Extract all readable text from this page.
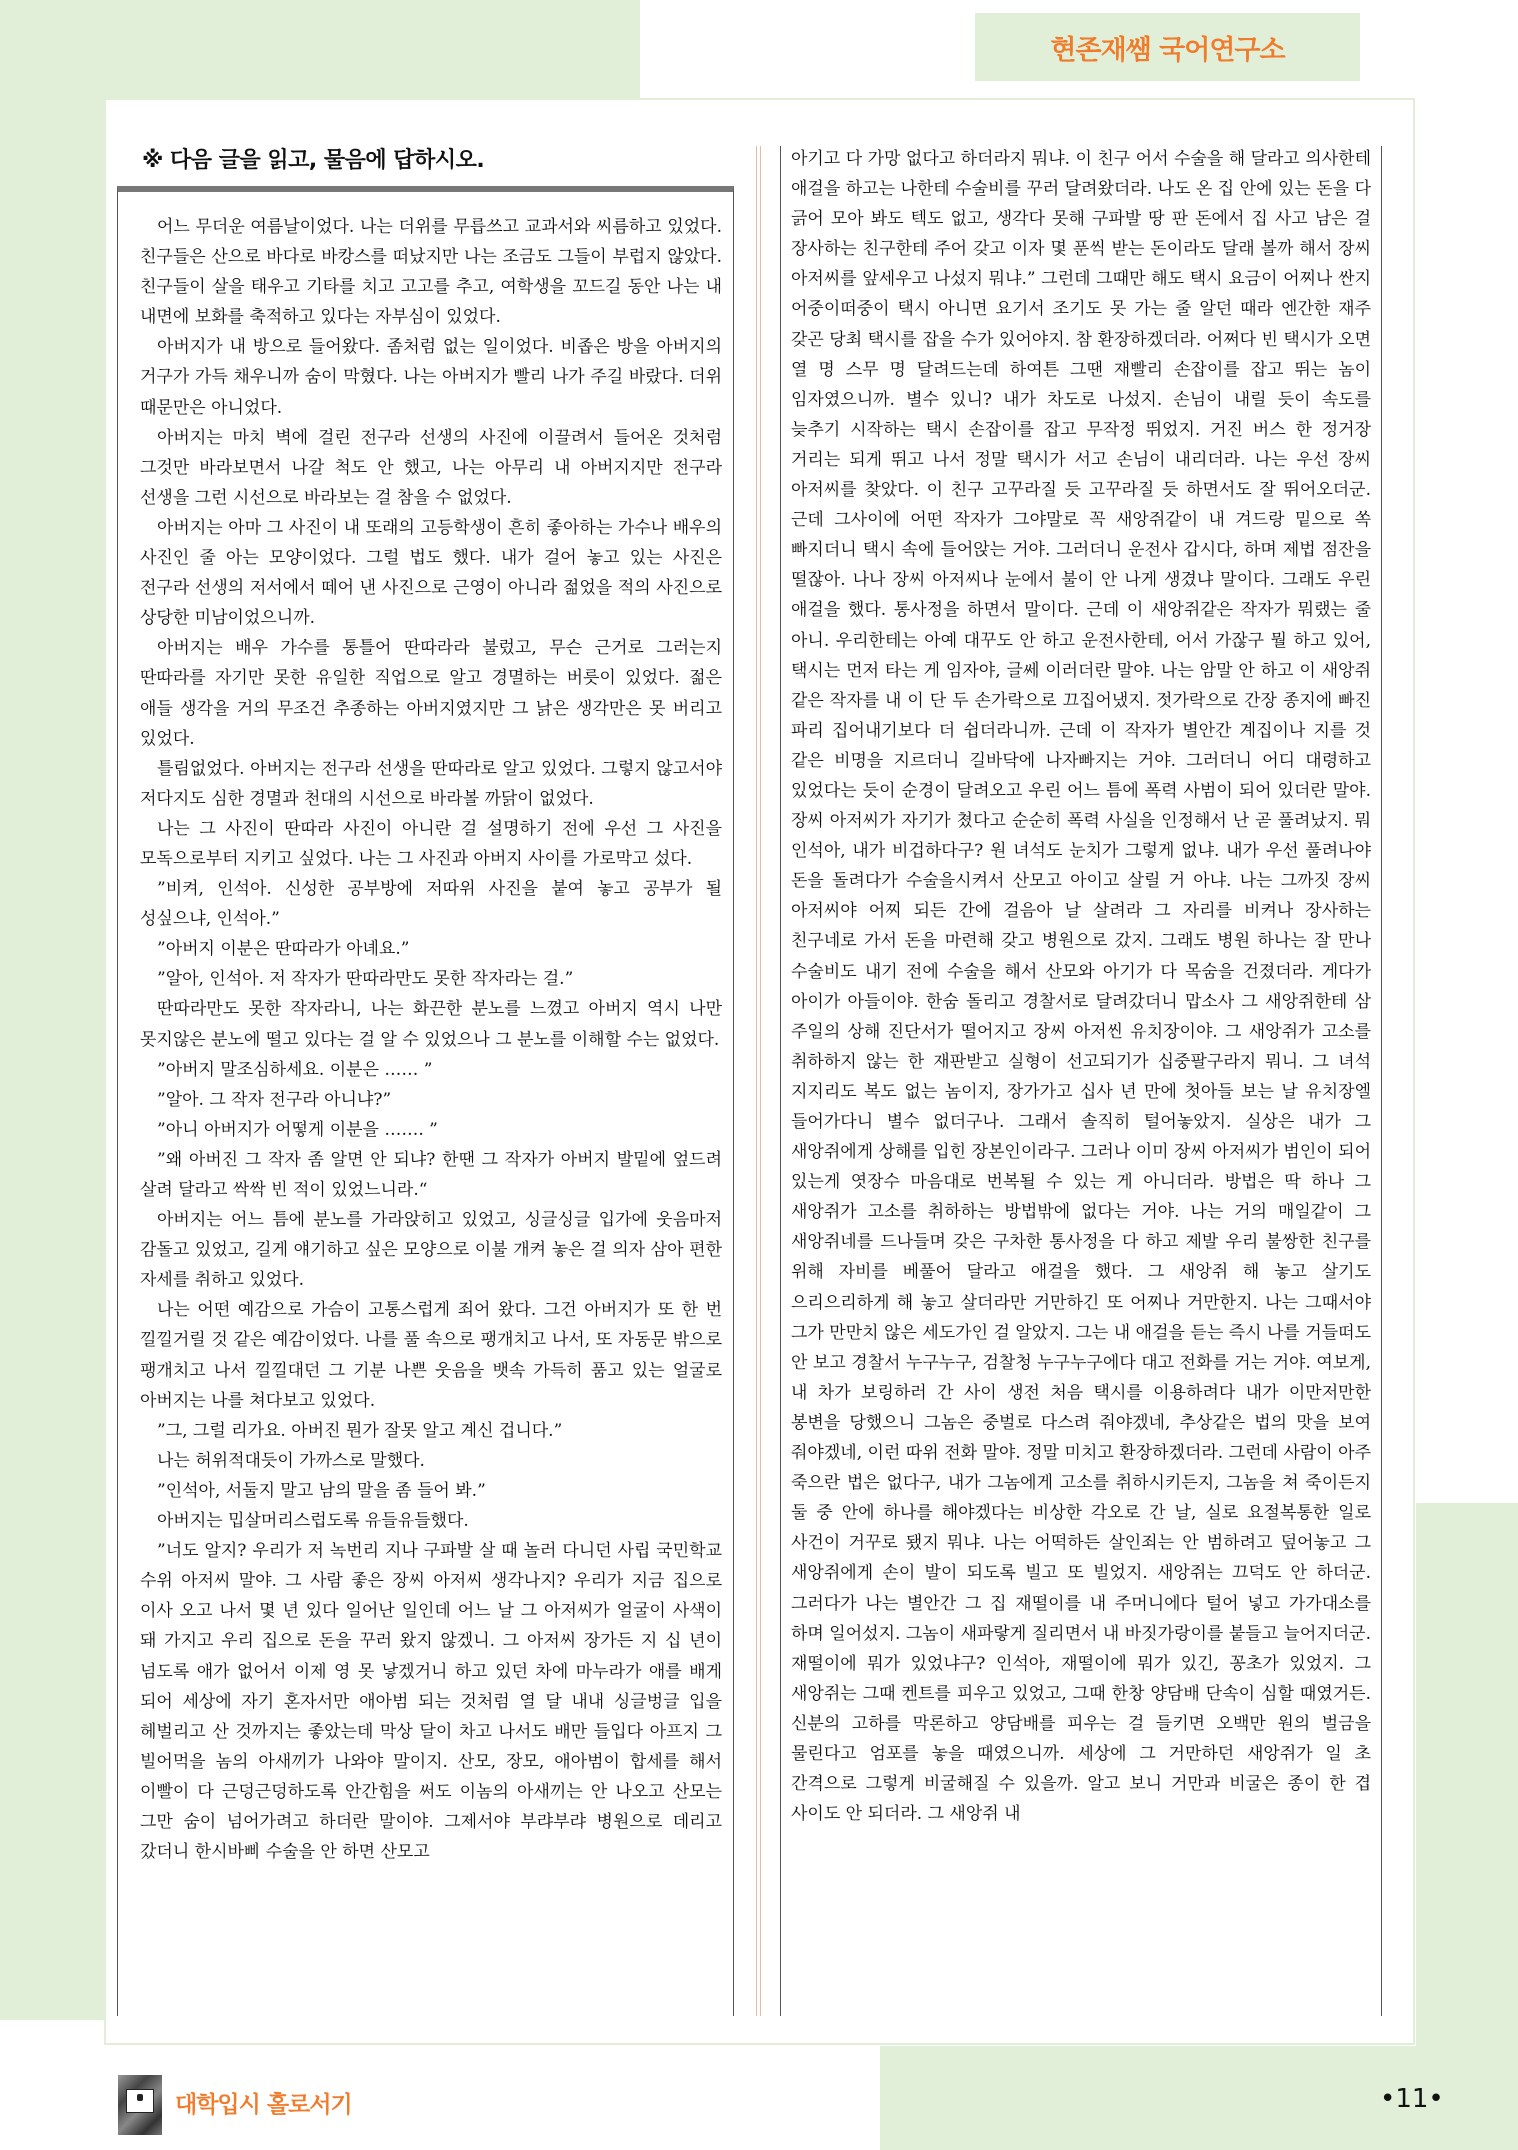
현존재쌤 국어연구소
※ 다음 글을 읽고, 물음에 답하시오.

어느 무더운 여름날이었다. 나는 더위를 무릅쓰고 교과서와 씨름하고 있었다. 친구들은 산으로 바다로 바캉스를 떠났지만 나는 조금도 그들이 부럽지 않았다. 친구들이 살을 태우고 기타를 치고 고고를 추고, 여학생을 꼬드길 동안 나는 내 내면에 보화를 축적하고 있다는 자부심이 있었다.

아버지가 내 방으로 들어왔다. 좀처럼 없는 일이었다. 비좁은 방을 아버지의 거구가 가득 채우니까 숨이 막혔다. 나는 아버지가 빨리 나가 주길 바랐다. 더위 때문만은 아니었다.

아버지는 마치 벽에 걸린 전구라 선생의 사진에 이끌려서 들어온 것처럼 그것만 바라보면서 나갈 척도 안 했고, 나는 아무리 내 아버지지만 전구라 선생을 그런 시선으로 바라보는 걸 참을 수 없었다.

아버지는 아마 그 사진이 내 또래의 고등학생이 흔히 좋아하는 가수나 배우의 사진인 줄 아는 모양이었다. 그럴 법도 했다. 내가 걸어 놓고 있는 사진은 전구라 선생의 저서에서 떼어 낸 사진으로 근영이 아니라 젊었을 적의 사진으로 상당한 미남이었으니까.

아버지는 배우 가수를 통틀어 딴따라라 불렀고, 무슨 근거로 그러는지 딴따라를 자기만 못한 유일한 직업으로 알고 경멸하는 버릇이 있었다. 젊은 애들 생각을 거의 무조건 추종하는 아버지였지만 그 낡은 생각만은 못 버리고 있었다.

틀림없었다. 아버지는 전구라 선생을 딴따라로 알고 있었다. 그렇지 않고서야 저다지도 심한 경멸과 천대의 시선으로 바라볼 까닭이 없었다.

나는 그 사진이 딴따라 사진이 아니란 걸 설명하기 전에 우선 그 사진을 모독으로부터 지키고 싶었다. 나는 그 사진과 아버지 사이를 가로막고 섰다.

”비켜, 인석아. 신성한 공부방에 저따위 사진을 붙여 놓고 공부가 될 성싶으냐, 인석아.”

”아버지 이분은 딴따라가 아녜요.”

”알아, 인석아. 저 작자가 딴따라만도 못한 작자라는 걸.”

딴따라만도 못한 작자라니, 나는 화끈한 분노를 느꼈고 아버지 역시 나만 못지않은 분노에 떨고 있다는 걸 알 수 있었으나 그 분노를 이해할 수는 없었다.

”아버지 말조심하세요. 이분은 …… ”

”알아. 그 작자 전구라 아니냐?”

”아니 아버지가 어떻게 이분을 ……. ”

”왜 아버진 그 작자 좀 알면 안 되냐? 한땐 그 작자가 아버지 발밑에 엎드려 살려 달라고 싹싹 빈 적이 있었느니라.“

아버지는 어느 틈에 분노를 가라앉히고 있었고, 싱글싱글 입가에 웃음마저 감돌고 있었고, 길게 얘기하고 싶은 모양으로 이불 개켜 놓은 걸 의자 삼아 편한 자세를 취하고 있었다.

나는 어떤 예감으로 가슴이 고통스럽게 죄어 왔다. 그건 아버지가 또 한 번 낄낄거릴 것 같은 예감이었다. 나를 풀 속으로 팽개치고 나서, 또 자동문 밖으로 팽개치고 나서 낄낄대던 그 기분 나쁜 웃음을 뱃속 가득히 품고 있는 얼굴로 아버지는 나를 쳐다보고 있었다.

”그, 그럴 리가요. 아버진 뭔가 잘못 알고 계신 겁니다.”

나는 허위적대듯이 가까스로 말했다.

”인석아, 서둘지 말고 남의 말을 좀 들어 봐.”

아버지는 밉살머리스럽도록 유들유들했다.

”너도 알지? 우리가 저 녹번리 지나 구파발 살 때 놀러 다니던 사립 국민학교 수위 아저씨 말야. 그 사람 좋은 장씨 아저씨 생각나지? 우리가 지금 집으로 이사 오고 나서 몇 년 있다 일어난 일인데 어느 날 그 아저씨가 얼굴이 사색이 돼 가지고 우리 집으로 돈을 꾸러 왔지 않겠니. 그 아저씨 장가든 지 십 년이 넘도록 애가 없어서 이제 영 못 낳겠거니 하고 있던 차에 마누라가 애를 배게 되어 세상에 자기 혼자서만 애아범 되는 것처럼 열 달 내내 싱글벙글 입을 헤벌리고 산 것까지는 좋았는데 막상 달이 차고 나서도 배만 들입다 아프지 그 빌어먹을 놈의 아새끼가 나와야 말이지. 산모, 장모, 애아범이 합세를 해서 이빨이 다 근덩근덩하도록 안간힘을 써도 이놈의 아새끼는 안 나오고 산모는 그만 숨이 넘어가려고 하더란 말이야. 그제서야 부랴부랴 병원으로 데리고 갔더니 한시바삐 수술을 안 하면 산모고

아기고 다 가망 없다고 하더라지 뭐냐. 이 친구 어서 수술을 해 달라고 의사한테 애걸을 하고는 나한테 수술비를 꾸러 달려왔더라. 나도 온 집 안에 있는 돈을 다 긁어 모아 봐도 텍도 없고, 생각다 못해 구파발 땅 판 돈에서 집 사고 남은 걸 장사하는 친구한테 주어 갖고 이자 몇 푼씩 받는 돈이라도 달래 볼까 해서 장씨 아저씨를 앞세우고 나섰지 뭐냐.” 그런데 그때만 해도 택시 요금이 어찌나 싼지 어중이떠중이 택시 아니면 요기서 조기도 못 가는 줄 알던 때라 엔간한 재주 갖곤 당최 택시를 잡을 수가 있어야지. 참 환장하겠더라. 어쩌다 빈 택시가 오면 열 명 스무 명 달려드는데 하여튼 그땐 재빨리 손잡이를 잡고 뛰는 놈이 임자였으니까. 별수 있니? 내가 차도로 나섰지. 손님이 내릴 듯이 속도를 늦추기 시작하는 택시 손잡이를 잡고 무작정 뛰었지. 거진 버스 한 정거장 거리는 되게 뛰고 나서 정말 택시가 서고 손님이 내리더라. 나는 우선 장씨 아저씨를 찾았다. 이 친구 고꾸라질 듯 고꾸라질 듯 하면서도 잘 뛰어오더군. 근데 그사이에 어떤 작자가 그야말로 꼭 새앙쥐같이 내 겨드랑 밑으로 쏙 빠지더니 택시 속에 들어앉는 거야. 그러더니 운전사 갑시다, 하며 제법 점잔을 떨잖아. 나나 장씨 아저씨나 눈에서 불이 안 나게 생겼냐 말이다. 그래도 우린 애걸을 했다. 통사정을 하면서 말이다. 근데 이 새앙쥐같은 작자가 뭐랬는 줄 아니. 우리한테는 아예 대꾸도 안 하고 운전사한테, 어서 가잖구 뭘 하고 있어, 택시는 먼저 타는 게 임자야, 글쎄 이러더란 말야. 나는 암말 안 하고 이 새앙쥐 같은 작자를 내 이 단 두 손가락으로 끄집어냈지. 젓가락으로 간장 종지에 빠진 파리 집어내기보다 더 쉽더라니까. 근데 이 작자가 별안간 계집이나 지를 것 같은 비명을 지르더니 길바닥에 나자빠지는 거야. 그러더니 어디 대령하고 있었다는 듯이 순경이 달려오고 우린 어느 틈에 폭력 사범이 되어 있더란 말야. 장씨 아저씨가 자기가 쳤다고 순순히 폭력 사실을 인정해서 난 곧 풀려났지. 뭐 인석아, 내가 비겁하다구? 원 녀석도 눈치가 그렇게 없냐. 내가 우선 풀려나야 돈을 돌려다가 수술을시켜서 산모고 아이고 살릴 거 아냐. 나는 그까짓 장씨 아저씨야 어찌 되든 간에 걸음아 날 살려라 그 자리를 비켜나 장사하는 친구네로 가서 돈을 마련해 갖고 병원으로 갔지. 그래도 병원 하나는 잘 만나 수술비도 내기 전에 수술을 해서 산모와 아기가 다 목숨을 건졌더라. 게다가 아이가 아들이야. 한숨 돌리고 경찰서로 달려갔더니 맙소사 그 새앙쥐한테 삼 주일의 상해 진단서가 떨어지고 장씨 아저씬 유치장이야. 그 새앙쥐가 고소를 취하하지 않는 한 재판받고 실형이 선고되기가 십중팔구라지 뭐니. 그 녀석 지지리도 복도 없는 놈이지, 장가가고 십사 년 만에 첫아들 보는 날 유치장엘 들어가다니 별수 없더구나. 그래서 솔직히 털어놓았지. 실상은 내가 그 새앙쥐에게 상해를 입힌 장본인이라구. 그러나 이미 장씨 아저씨가 범인이 되어 있는게 엿장수 마음대로 번복될 수 있는 게 아니더라. 방법은 딱 하나 그 새앙쥐가 고소를 취하하는 방법밖에 없다는 거야. 나는 거의 매일같이 그 새앙쥐네를 드나들며 갖은 구차한 통사정을 다 하고 제발 우리 불쌍한 친구를 위해 자비를 베풀어 달라고 애걸을 했다. 그 새앙쥐 해 놓고 살기도 으리으리하게 해 놓고 살더라만 거만하긴 또 어찌나 거만한지. 나는 그때서야 그가 만만치 않은 세도가인 걸 알았지. 그는 내 애걸을 듣는 즉시 나를 거들떠도 안 보고 경찰서 누구누구, 검찰청 누구누구에다 대고 전화를 거는 거야. 여보게, 내 차가 보링하러 간 사이 생전 처음 택시를 이용하려다 내가 이만저만한 봉변을 당했으니 그놈은 중벌로 다스려 줘야겠네, 추상같은 법의 맛을 보여 줘야겠네, 이런 따위 전화 말야. 정말 미치고 환장하겠더라. 그런데 사람이 아주 죽으란 법은 없다구, 내가 그놈에게 고소를 취하시키든지, 그놈을 쳐 죽이든지 둘 중 안에 하나를 해야겠다는 비상한 각오로 간 날, 실로 요절복통한 일로 사건이 거꾸로 됐지 뭐냐. 나는 어떡하든 살인죄는 안 범하려고 덮어놓고 그 새앙쥐에게 손이 발이 되도록 빌고 또 빌었지. 새앙쥐는 끄덕도 안 하더군. 그러다가 나는 별안간 그 집 재떨이를 내 주머니에다 털어 넣고 가가대소를 하며 일어섰지. 그놈이 새파랗게 질리면서 내 바짓가랑이를 붙들고 늘어지더군. 재떨이에 뭐가 있었냐구? 인석아, 재떨이에 뭐가 있긴, 꽁초가 있었지. 그 새앙쥐는 그때 켄트를 피우고 있었고, 그때 한창 양담배 단속이 심할 때였거든. 신분의 고하를 막론하고 양담배를 피우는 걸 들키면 오백만 원의 벌금을 물린다고 엄포를 놓을 때였으니까. 세상에 그 거만하던 새앙쥐가 일 초 간격으로 그렇게 비굴해질 수 있을까. 알고 보니 거만과 비굴은 종이 한 겹 사이도 안 되더라. 그 새앙쥐 내

대학입시 홀로서기	•11•
